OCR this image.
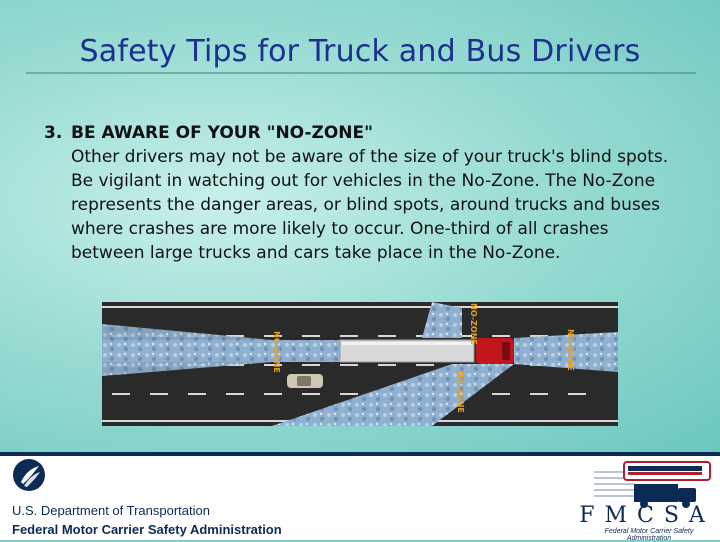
Safety Tips for Truck and Bus Drivers
3. BE AWARE OF YOUR "NO-ZONE"
Other drivers may not be aware of the size of your truck's blind spots. Be vigilant in watching out for vehicles in the No-Zone. The No-Zone represents the danger areas, or blind spots, around trucks and buses where crashes are more likely to occur. One-third of all crashes between large trucks and cars take place in the No-Zone.
NO-ZONE
NO-ZONE
NO-ZONE
NO-ZONE
U.S. Department of Transportation
Federal Motor Carrier Safety Administration
FMCSA
Federal Motor Carrier Safety Administration
